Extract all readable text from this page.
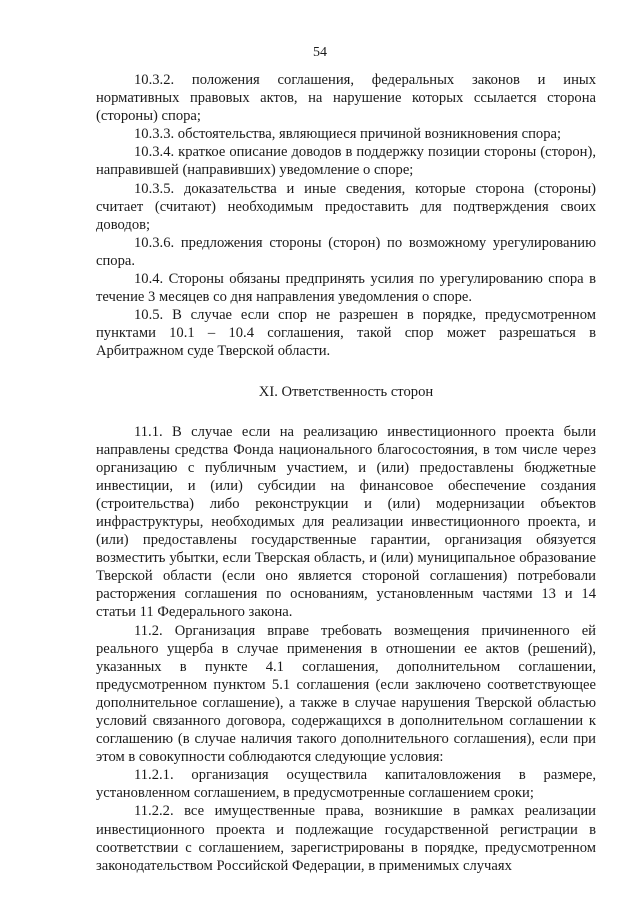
54

10.3.2. положения соглашения, федеральных законов и иных нормативных правовых актов, на нарушение которых ссылается сторона (стороны) спора;

10.3.3. обстоятельства, являющиеся причиной возникновения спора;

10.3.4. краткое описание доводов в поддержку позиции стороны (сторон), направившей (направивших) уведомление о споре;

10.3.5. доказательства и иные сведения, которые сторона (стороны) считает (считают) необходимым предоставить для подтверждения своих доводов;

10.3.6. предложения стороны (сторон) по возможному урегулированию спора.

10.4. Стороны обязаны предпринять усилия по урегулированию спора в течение 3 месяцев со дня направления уведомления о споре.

10.5. В случае если спор не разрешен в порядке, предусмотренном пунктами 10.1 – 10.4 соглашения, такой спор может разрешаться в Арбитражном суде Тверской области.

XI. Ответственность сторон

11.1. В случае если на реализацию инвестиционного проекта были направлены средства Фонда национального благосостояния, в том числе через организацию с публичным участием, и (или) предоставлены бюджетные инвестиции, и (или) субсидии на финансовое обеспечение создания (строительства) либо реконструкции и (или) модернизации объектов инфраструктуры, необходимых для реализации инвестиционного проекта, и (или) предоставлены государственные гарантии, организация обязуется возместить убытки, если Тверская область, и (или) муниципальное образование Тверской области (если оно является стороной соглашения) потребовали расторжения соглашения по основаниям, установленным частями 13 и 14 статьи 11 Федерального закона.

11.2. Организация вправе требовать возмещения причиненного ей реального ущерба в случае применения в отношении ее актов (решений), указанных в пункте 4.1 соглашения, дополнительном соглашении, предусмотренном пунктом 5.1 соглашения (если заключено соответствующее дополнительное соглашение), а также в случае нарушения Тверской областью условий связанного договора, содержащихся в дополнительном соглашении к соглашению (в случае наличия такого дополнительного соглашения), если при этом в совокупности соблюдаются следующие условия:

11.2.1. организация осуществила капиталовложения в размере, установленном соглашением, в предусмотренные соглашением сроки;

11.2.2. все имущественные права, возникшие в рамках реализации инвестиционного проекта и подлежащие государственной регистрации в соответствии с соглашением, зарегистрированы в порядке, предусмотренном законодательством Российской Федерации, в применимых случаях
